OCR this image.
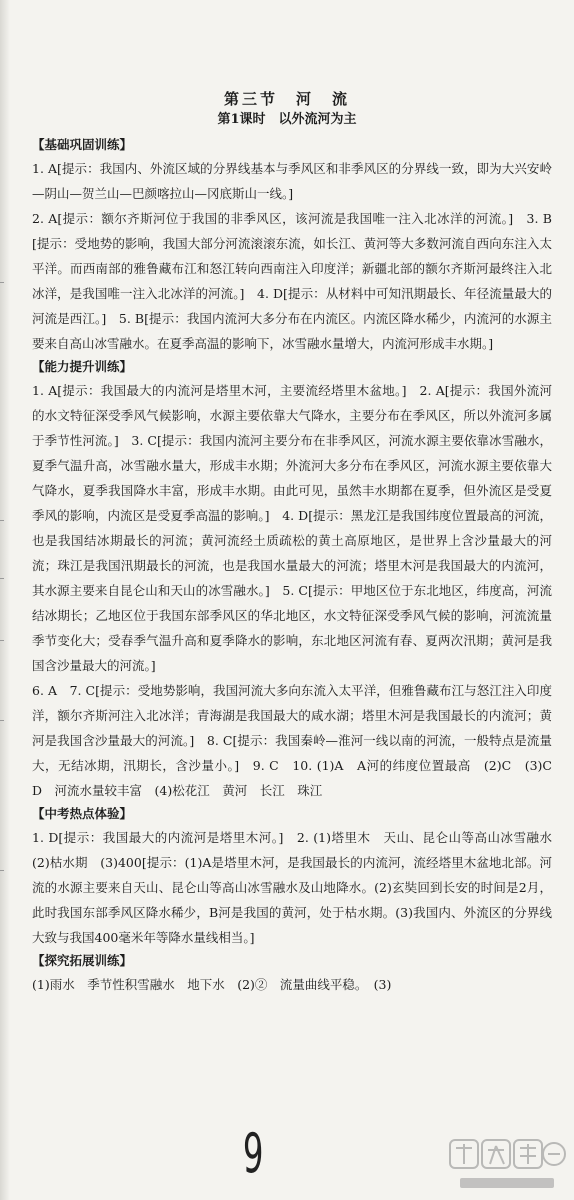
第三节　河　流

第1课时　以外流河为主

【基础巩固训练】
1. A[提示：我国内、外流区域的分界线基本与季风区和非季风区的分界线一致，即为大兴安岭—阴山—贺兰山—巴颜喀拉山—冈底斯山一线。]
2. A[提示：额尔齐斯河位于我国的非季风区，该河流是我国唯一注入北冰洋的河流。]　3. B[提示：受地势的影响，我国大部分河流滚滚东流，如长江、黄河等大多数河流自西向东注入太平洋。而西南部的雅鲁藏布江和怒江转向西南注入印度洋；新疆北部的额尔齐斯河最终注入北冰洋，是我国唯一注入北冰洋的河流。]　4. D[提示：从材料中可知汛期最长、年径流量最大的河流是西江。]　5. B[提示：我国内流河大多分布在内流区。内流区降水稀少，内流河的水源主要来自高山冰雪融水。在夏季高温的影响下，冰雪融水量增大，内流河形成丰水期。]
【能力提升训练】
1. A[提示：我国最大的内流河是塔里木河，主要流经塔里木盆地。]　2. A[提示：我国外流河的水文特征深受季风气候影响，水源主要依靠大气降水，主要分布在季风区，所以外流河多属于季节性河流。]　3. C[提示：我国内流河主要分布在非季风区，河流水源主要依靠冰雪融水，夏季气温升高，冰雪融水量大，形成丰水期；外流河大多分布在季风区，河流水源主要依靠大气降水，夏季我国降水丰富，形成丰水期。由此可见，虽然丰水期都在夏季，但外流区是受夏季风的影响，内流区是受夏季高温的影响。]　4. D[提示：黑龙江是我国纬度位置最高的河流，也是我国结冰期最长的河流；黄河流经土质疏松的黄土高原地区，是世界上含沙量最大的河流；珠江是我国汛期最长的河流，也是我国水量最大的河流；塔里木河是我国最大的内流河，其水源主要来自昆仑山和天山的冰雪融水。]　5. C[提示：甲地区位于东北地区，纬度高，河流结冰期长；乙地区位于我国东部季风区的华北地区，水文特征深受季风气候的影响，河流流量季节变化大；受春季气温升高和夏季降水的影响，东北地区河流有春、夏两次汛期；黄河是我国含沙量最大的河流。]
6. A　7. C[提示：受地势影响，我国河流大多向东流入太平洋，但雅鲁藏布江与怒江注入印度洋，额尔齐斯河注入北冰洋；青海湖是我国最大的咸水湖；塔里木河是我国最长的内流河；黄河是我国含沙量最大的河流。]　8. C[提示：我国秦岭—淮河一线以南的河流，一般特点是流量大，无结冰期，汛期长，含沙量小。]　9. C　10. (1)A　A河的纬度位置最高　(2)C　(3)C　D　河流水量较丰富　(4)松花江　黄河　长江　珠江
【中考热点体验】
1. D[提示：我国最大的内流河是塔里木河。]　2. (1)塔里木　天山、昆仑山等高山冰雪融水　(2)枯水期　(3)400[提示：(1)A是塔里木河，是我国最长的内流河，流经塔里木盆地北部。河流的水源主要来自天山、昆仑山等高山冰雪融水及山地降水。(2)玄奘回到长安的时间是2月，此时我国东部季风区降水稀少，B河是我国的黄河，处于枯水期。(3)我国内、外流区的分界线大致与我国400毫米年等降水量线相当。]
【探究拓展训练】
(1)雨水　季节性积雪融水　地下水　(2)②　流量曲线平稳。　(3)
9
